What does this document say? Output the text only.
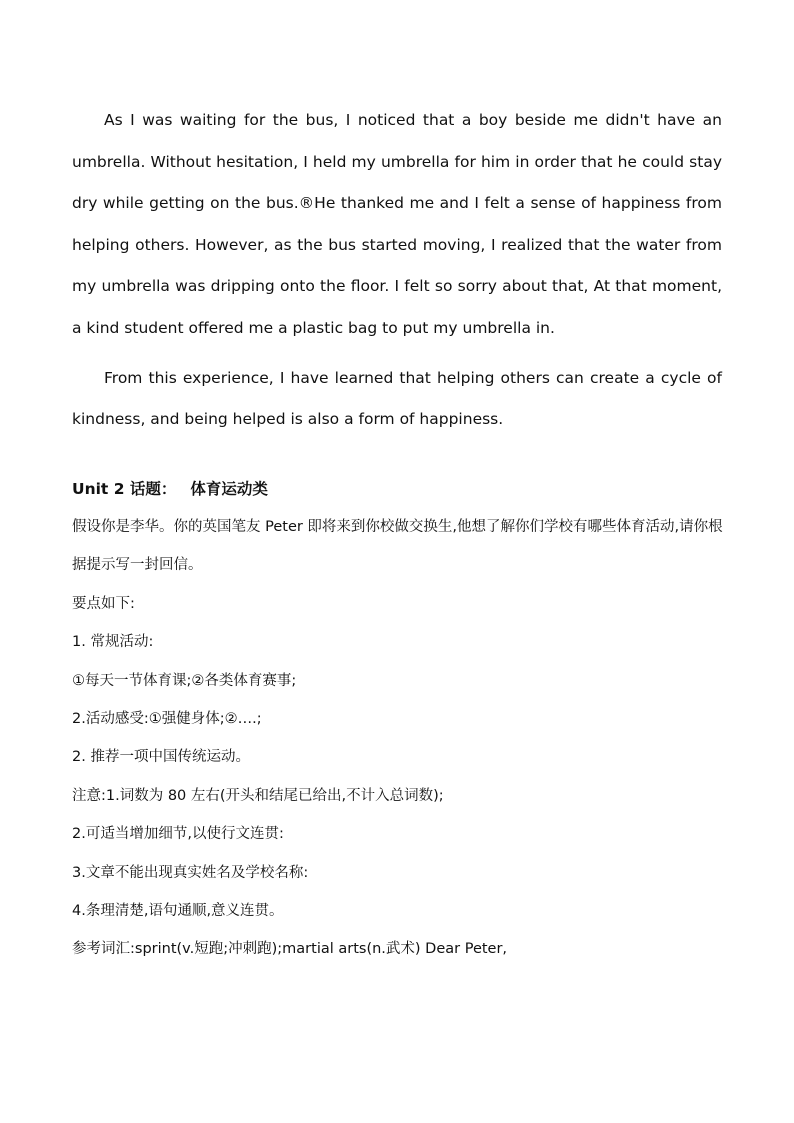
As I was waiting for the bus, I noticed that a boy beside me didn't have an umbrella. Without hesitation, I held my umbrella for him in order that he could stay dry while getting on the bus.®He thanked me and I felt a sense of happiness from helping others. However, as the bus started moving, I realized that the water from my umbrella was dripping onto the floor. I felt so sorry about that, At that moment, a kind student offered me a plastic bag to put my umbrella in.

From this experience, I have learned that helping others can create a cycle of kindness, and being helped is also a form of happiness.

Unit 2 话题： 体育运动类

假设你是李华。你的英国笔友 Peter 即将来到你校做交换生,他想了解你们学校有哪些体育活动,请你根据提示写一封回信。

要点如下:

1. 常规活动:

①每天一节体育课;②各类体育赛事;

2.活动感受:①强健身体;②….;

2. 推荐一项中国传统运动。

注意:1.词数为 80 左右(开头和结尾已给出,不计入总词数);

2.可适当增加细节,以使行文连贯:

3.文章不能出现真实姓名及学校名称:

4.条理清楚,语句通顺,意义连贯。

参考词汇:sprint(v.短跑;冲刺跑);martial arts(n.武术) Dear Peter,
